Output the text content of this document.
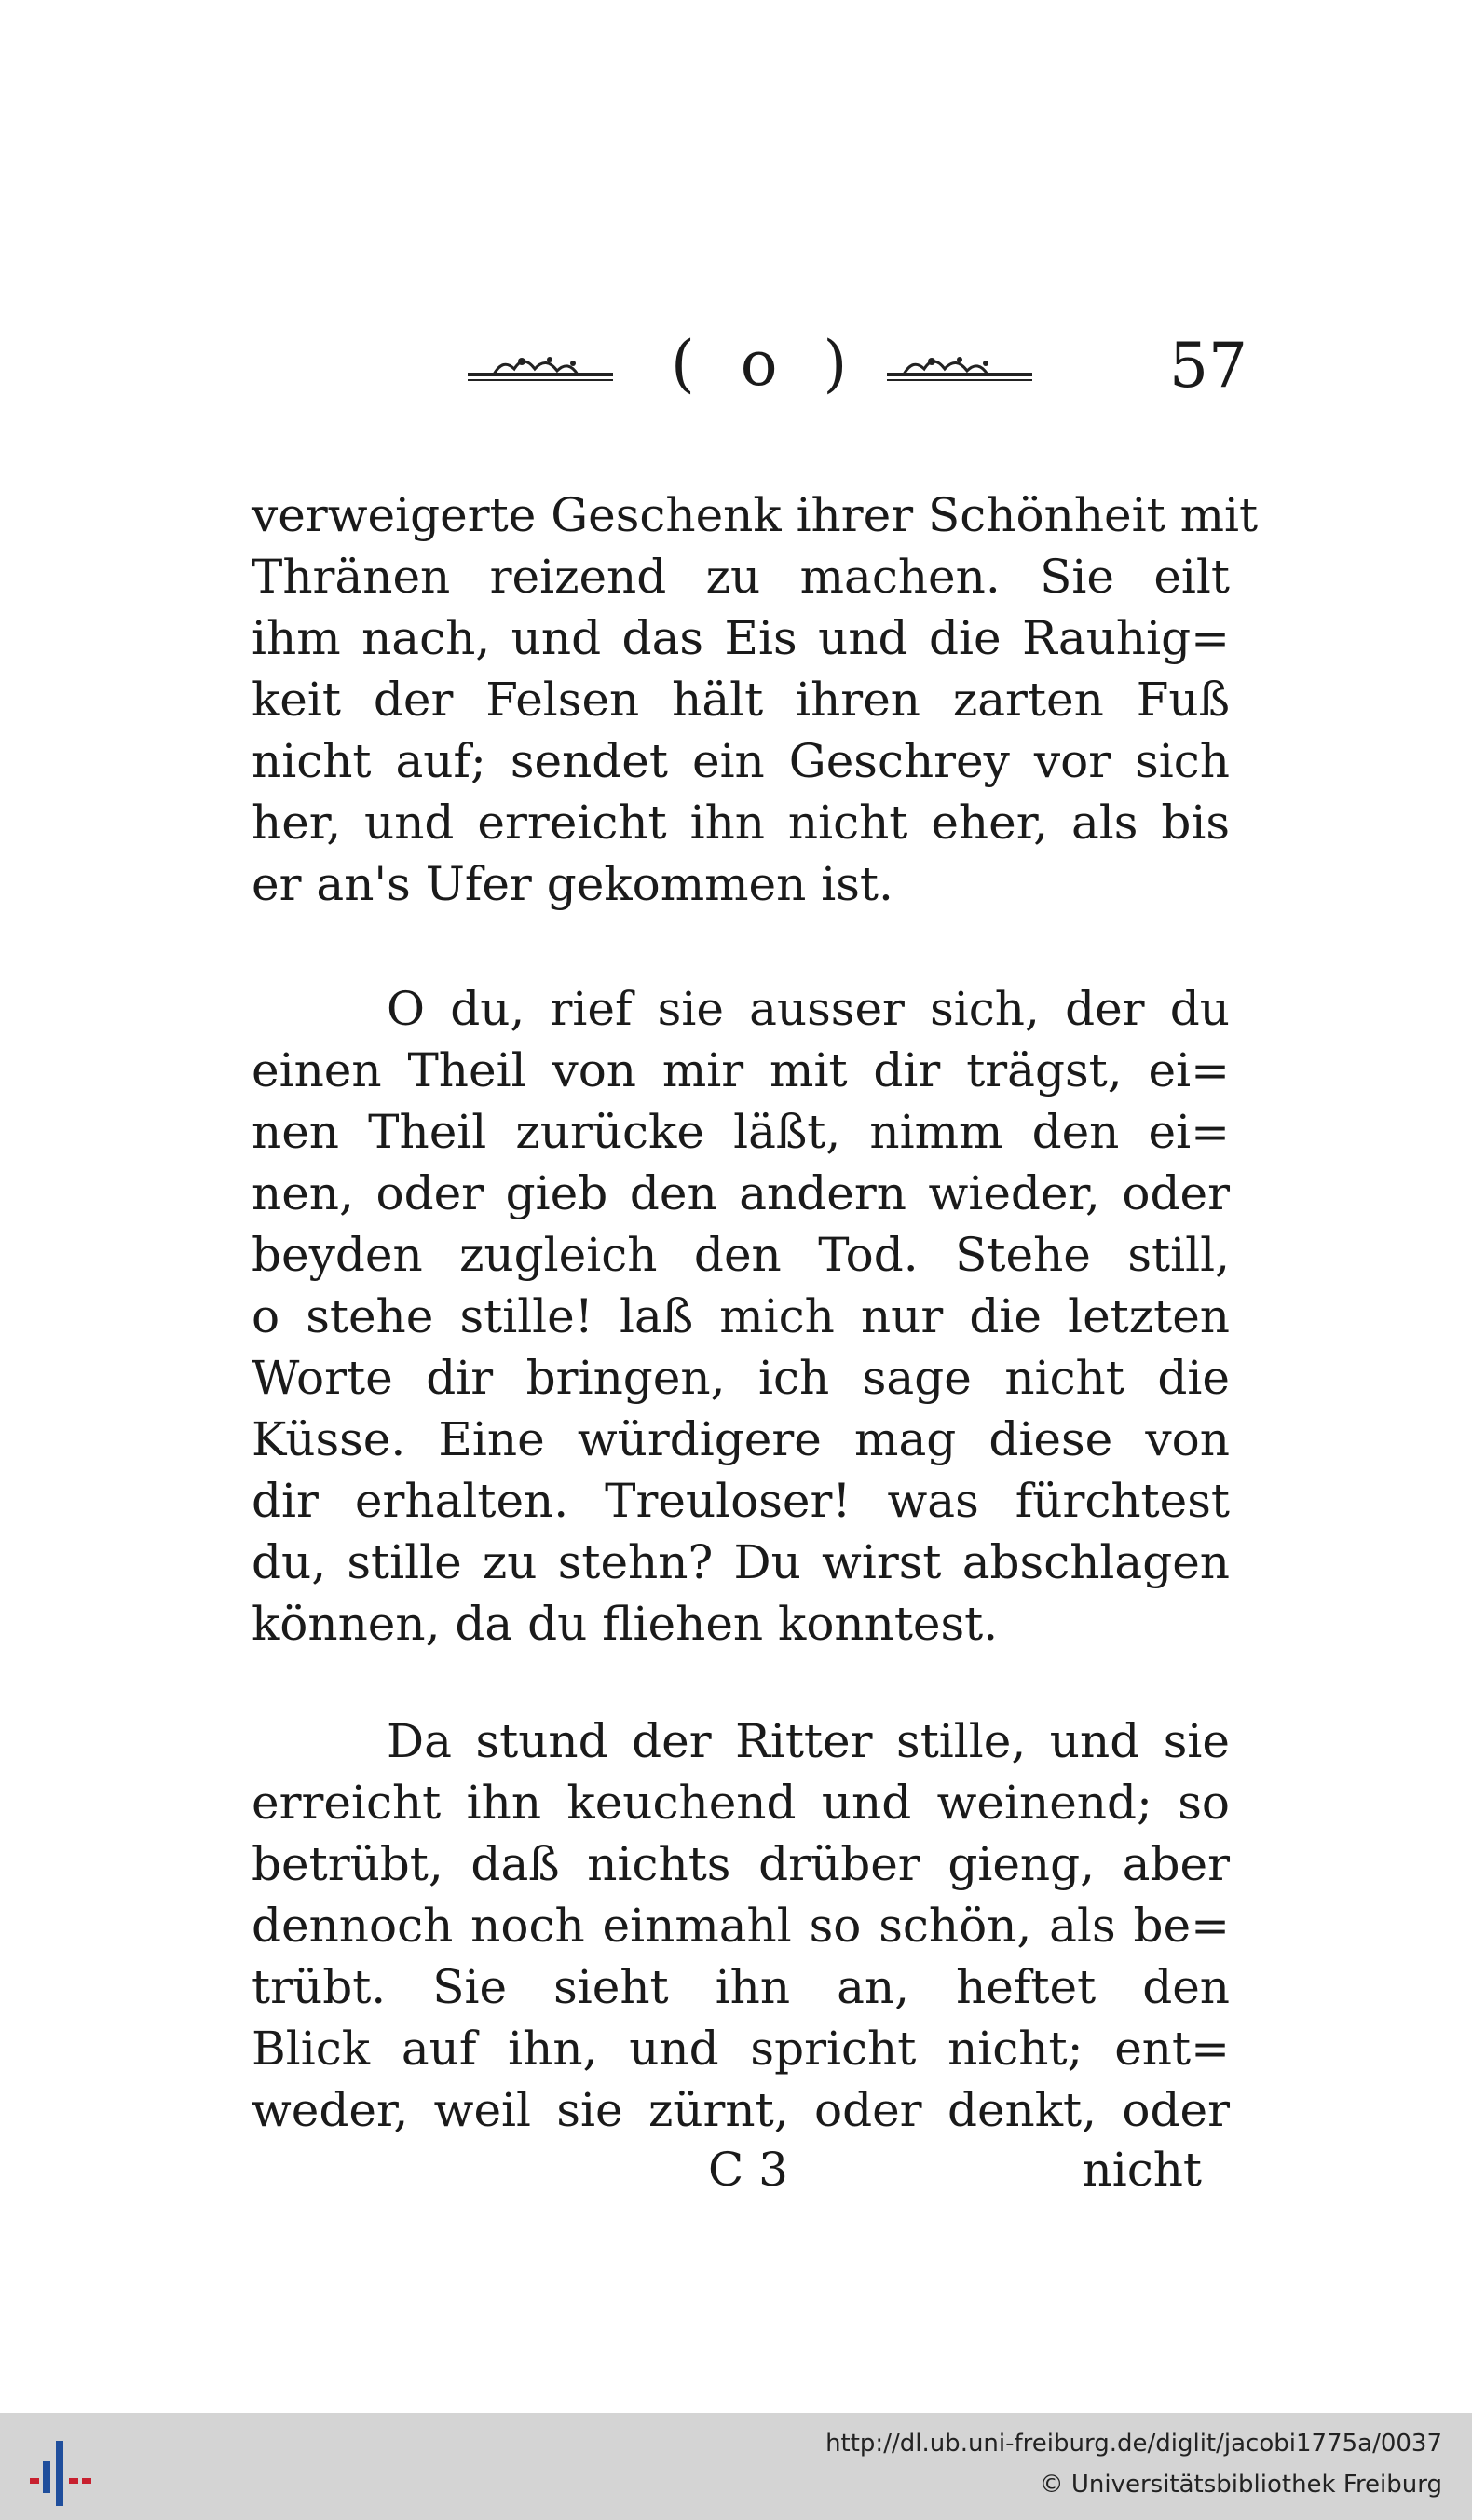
( o )	57
verweigerte Geschenk ihrer Schönheit mit
Thränen reizend zu machen. Sie eilt
ihm nach, und das Eis und die Rauhig=
keit der Felsen hält ihren zarten Fuß
nicht auf; sendet ein Geschrey vor sich
her, und erreicht ihn nicht eher, als bis
er an's Ufer gekommen ist.
O du, rief sie ausser sich, der du
einen Theil von mir mit dir trägst, ei=
nen Theil zurücke läßt, nimm den ei=
nen, oder gieb den andern wieder, oder
beyden zugleich den Tod. Stehe still,
o stehe stille! laß mich nur die letzten
Worte dir bringen, ich sage nicht die
Küsse. Eine würdigere mag diese von
dir erhalten. Treuloser! was fürchtest
du, stille zu stehn? Du wirst abschlagen
können, da du fliehen konntest.
Da stund der Ritter stille, und sie
erreicht ihn keuchend und weinend; so
betrübt, daß nichts drüber gieng, aber
dennoch noch einmahl so schön, als be=
trübt. Sie sieht ihn an, heftet den
Blick auf ihn, und spricht nicht; ent=
weder, weil sie zürnt, oder denkt, oder
C 3	nicht
http://dl.ub.uni-freiburg.de/diglit/jacobi1775a/0037
© Universitätsbibliothek Freiburg
